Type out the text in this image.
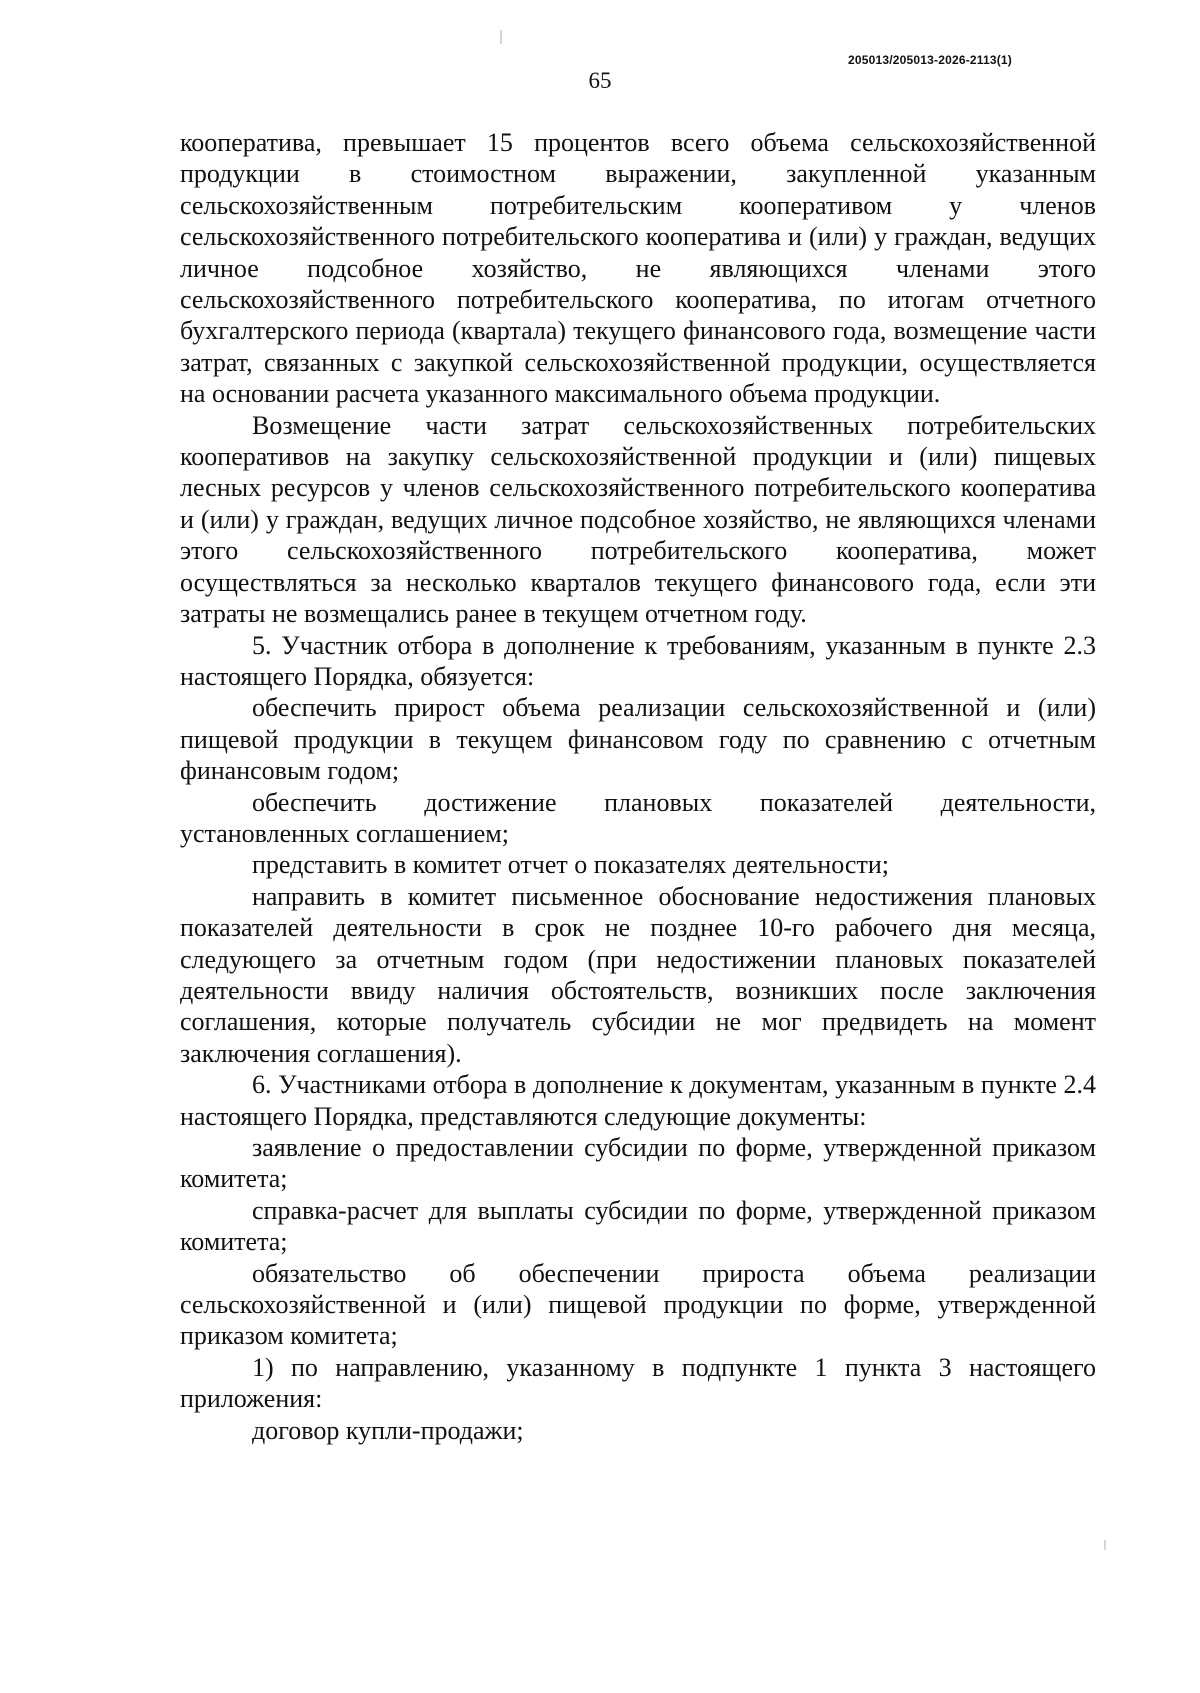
205013/205013-2026-2113(1)
65

кооператива, превышает 15 процентов всего объема сельскохозяйственной продукции в стоимостном выражении, закупленной указанным сельскохозяйственным потребительским кооперативом у членов сельскохозяйственного потребительского кооператива и (или) у граждан, ведущих личное подсобное хозяйство, не являющихся членами этого сельскохозяйственного потребительского кооператива, по итогам отчетного бухгалтерского периода (квартала) текущего финансового года, возмещение части затрат, связанных с закупкой сельскохозяйственной продукции, осуществляется на основании расчета указанного максимального объема продукции.

Возмещение части затрат сельскохозяйственных потребительских кооперативов на закупку сельскохозяйственной продукции и (или) пищевых лесных ресурсов у членов сельскохозяйственного потребительского кооператива и (или) у граждан, ведущих личное подсобное хозяйство, не являющихся членами этого сельскохозяйственного потребительского кооператива, может осуществляться за несколько кварталов текущего финансового года, если эти затраты не возмещались ранее в текущем отчетном году.

5. Участник отбора в дополнение к требованиям, указанным в пункте 2.3 настоящего Порядка, обязуется:

обеспечить прирост объема реализации сельскохозяйственной и (или) пищевой продукции в текущем финансовом году по сравнению с отчетным финансовым годом;

обеспечить достижение плановых показателей деятельности, установленных соглашением;

представить в комитет отчет о показателях деятельности;

направить в комитет письменное обоснование недостижения плановых показателей деятельности в срок не позднее 10-го рабочего дня месяца, следующего за отчетным годом (при недостижении плановых показателей деятельности ввиду наличия обстоятельств, возникших после заключения соглашения, которые получатель субсидии не мог предвидеть на момент заключения соглашения).

6. Участниками отбора в дополнение к документам, указанным в пункте 2.4 настоящего Порядка, представляются следующие документы:

заявление о предоставлении субсидии по форме, утвержденной приказом комитета;

справка-расчет для выплаты субсидии по форме, утвержденной приказом комитета;

обязательство об обеспечении прироста объема реализации сельскохозяйственной и (или) пищевой продукции по форме, утвержденной приказом комитета;

1) по направлению, указанному в подпункте 1 пункта 3 настоящего приложения:

договор купли-продажи;
